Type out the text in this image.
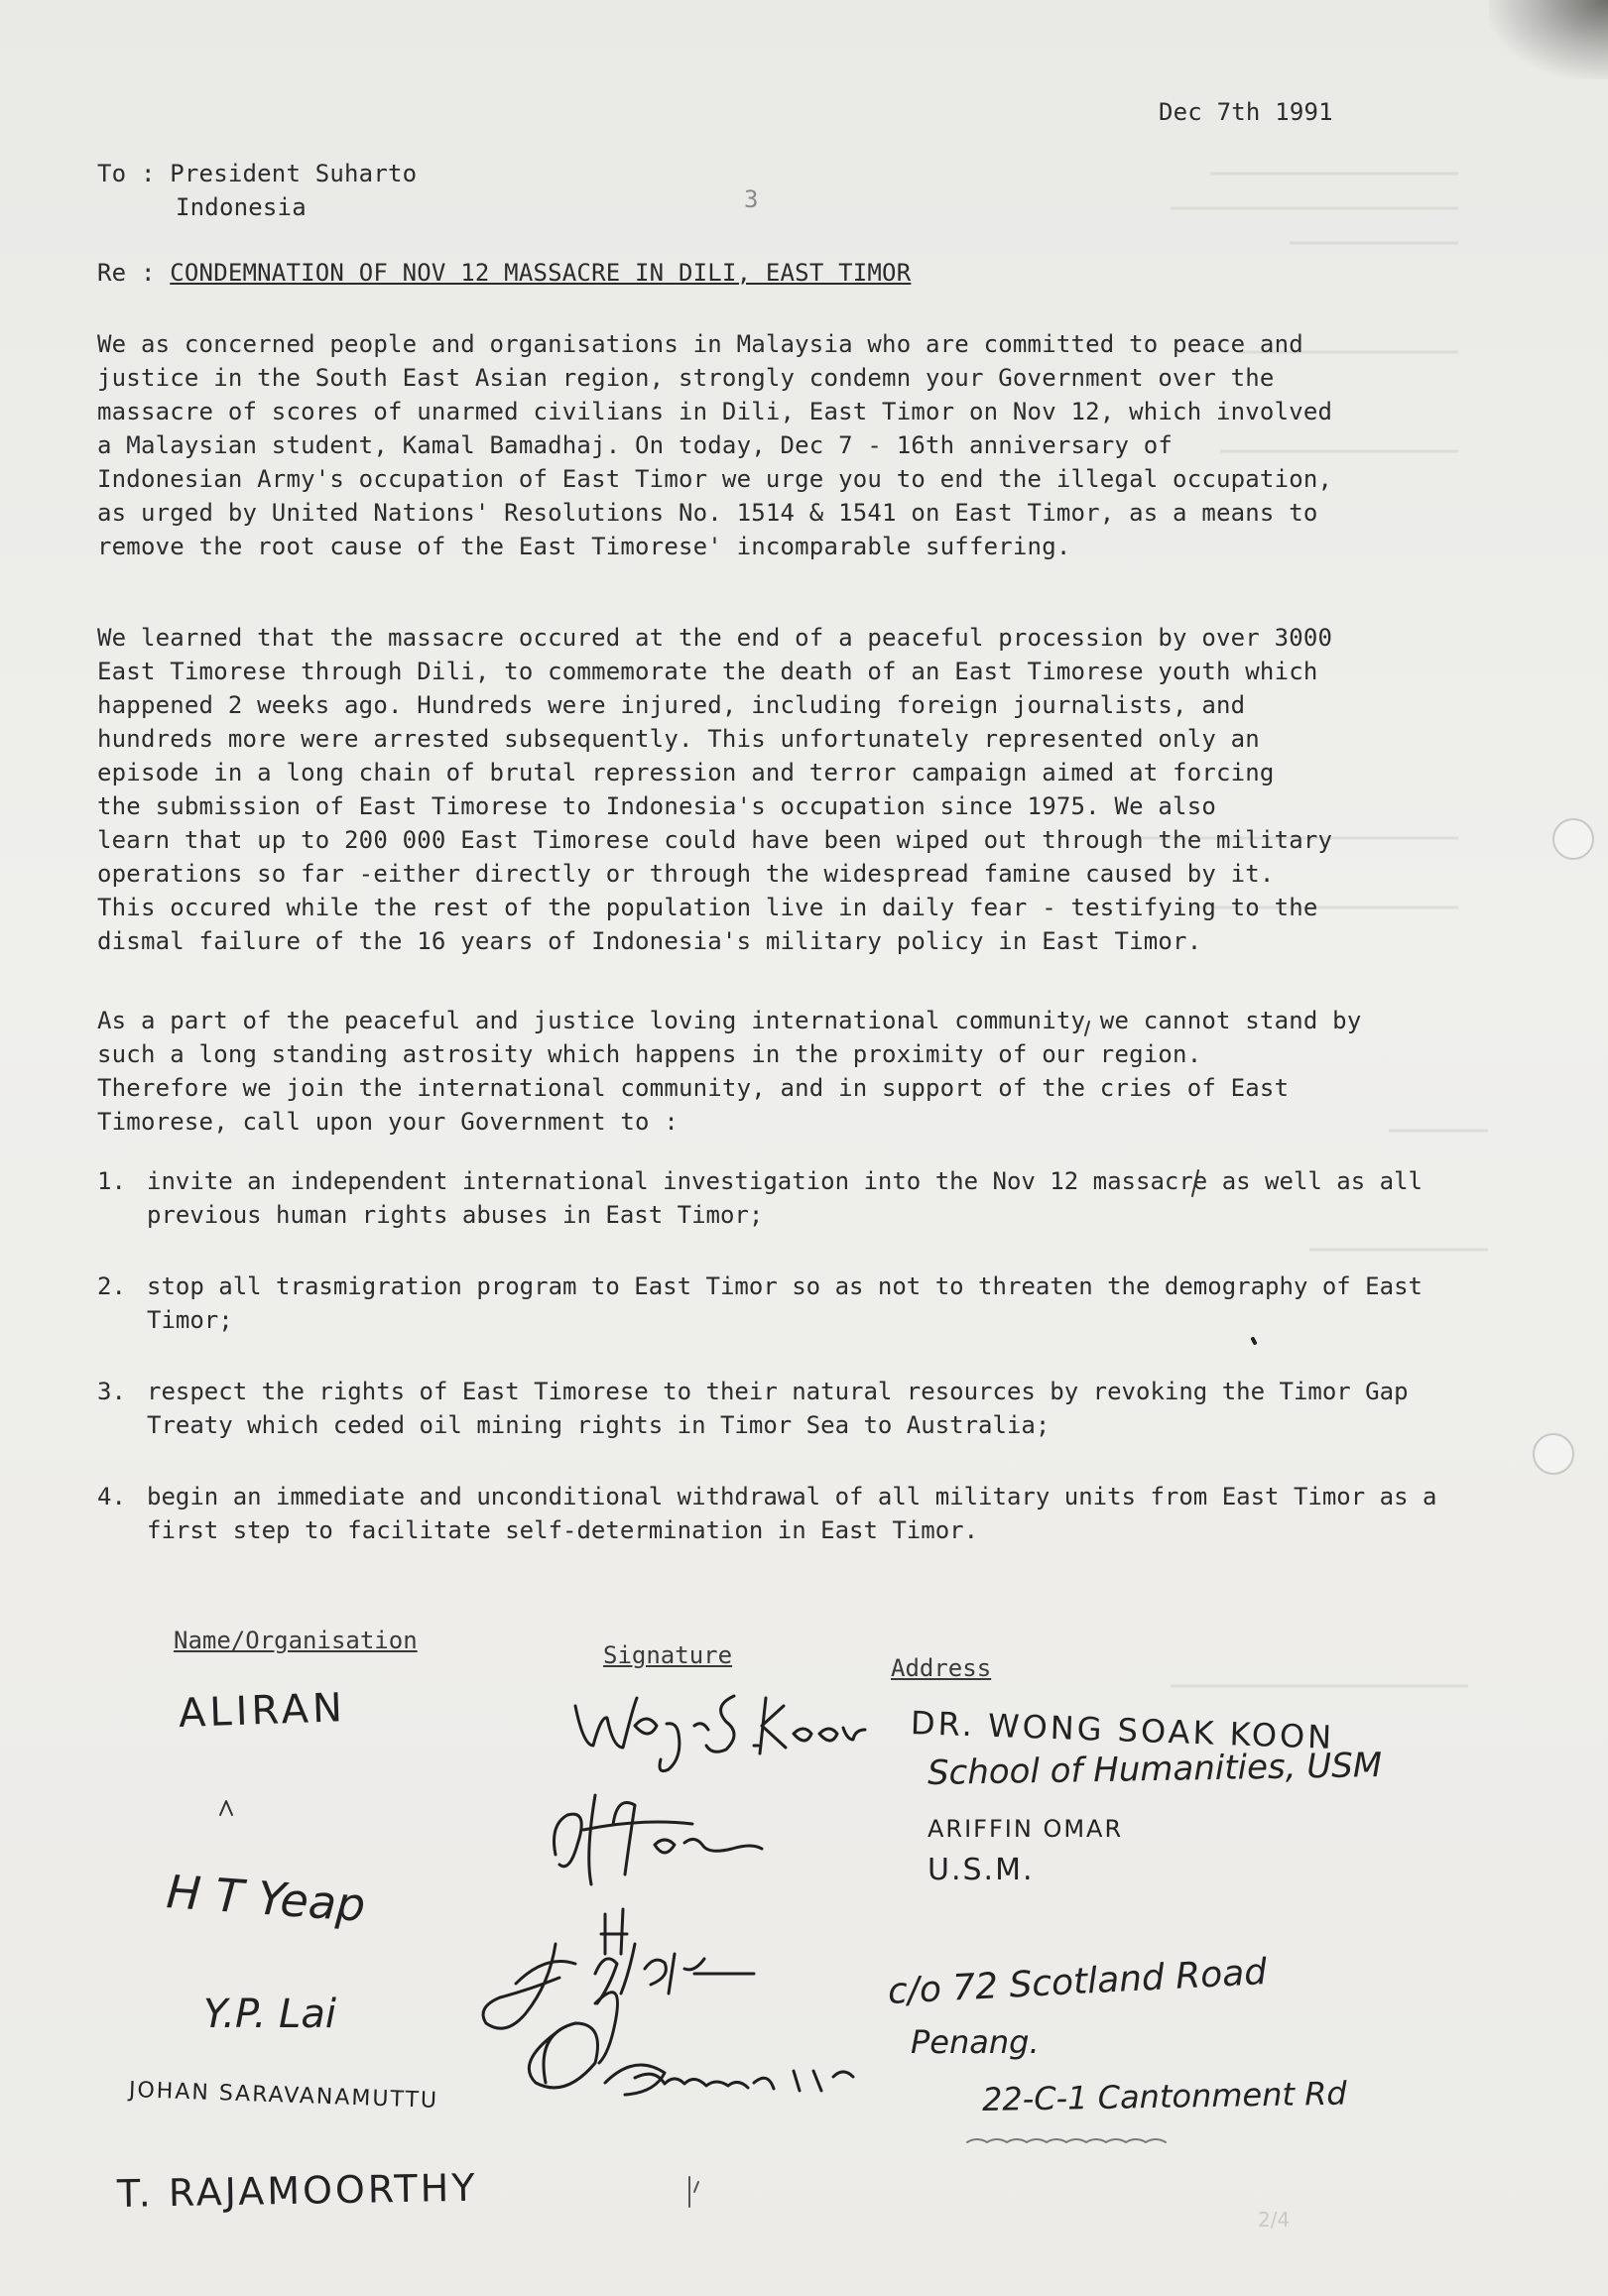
2/4
Dec 7th 1991
3
To : President Suharto
Indonesia
Re : CONDEMNATION OF NOV 12 MASSACRE IN DILI, EAST TIMOR
We as concerned people and organisations in Malaysia who are committed to peace and
justice in the South East Asian region, strongly condemn your Government over the
massacre of scores of unarmed civilians in Dili, East Timor on Nov 12, which involved
a Malaysian student, Kamal Bamadhaj. On today, Dec 7 - 16th anniversary of
Indonesian Army's occupation of East Timor we urge you to end the illegal occupation,
as urged by United Nations' Resolutions No. 1514 & 1541 on East Timor, as a means to
remove the root cause of the East Timorese' incomparable suffering.
We learned that the massacre occured at the end of a peaceful procession by over 3000
East Timorese through Dili, to commemorate the death of an East Timorese youth which
happened 2 weeks ago. Hundreds were injured, including foreign journalists, and
hundreds more were arrested subsequently. This unfortunately represented only an
episode in a long chain of brutal repression and terror campaign aimed at forcing
the submission of East Timorese to Indonesia's occupation since 1975. We also
learn that up to 200 000 East Timorese could have been wiped out through the military
operations so far -either directly or through the widespread famine caused by it.
This occured while the rest of the population live in daily fear - testifying to the
dismal failure of the 16 years of Indonesia's military policy in East Timor.
As a part of the peaceful and justice loving international community we cannot stand by
such a long standing astrosity which happens in the proximity of our region.
Therefore we join the international community, and in support of the cries of East
Timorese, call upon your Government to :
1. invite an independent international investigation into the Nov 12 massacre as well as all previous human rights abuses in East Timor;
2. stop all trasmigration program to East Timor so as not to threaten the demography of East Timor;
3. respect the rights of East Timorese to their natural resources by revoking the Timor Gap Treaty which ceded oil mining rights in Timor Sea to Australia;
4. begin an immediate and unconditional withdrawal of all military units from East Timor as a first step to facilitate self-determination in East Timor.
Name/Organisation
Signature	Address
ALIRAN
H T Yeap
Y.P. Lai
JOHAN SARAVANAMUTTU
T. RAJAMOORTHY
DR. WONG SOAK KOON
School of Humanities, USM
ARIFFIN OMAR
U.S.M.
c/o 72 Scotland Road
Penang.
22-C-1 Cantonment Rd
